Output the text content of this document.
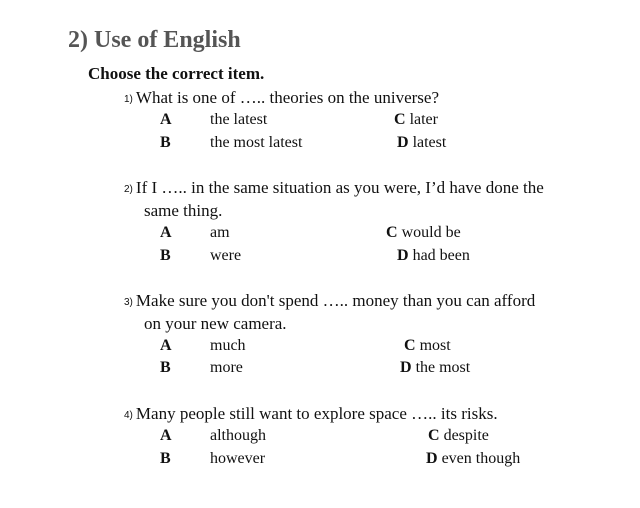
2) Use of English
Choose the correct item.
1) What is one of ….. theories on the universe?
A the latest
B the most latest
C later
D latest
2) If I ….. in the same situation as you were, I’d have done the
same thing.
A am
B were
C would be
D had been
3) Make sure you don't spend ….. money than you can afford
on your new camera.
A much
B more
C most
D the most
4) Many people still want to explore space ….. its risks.
A although
B however
C despite
D even though
